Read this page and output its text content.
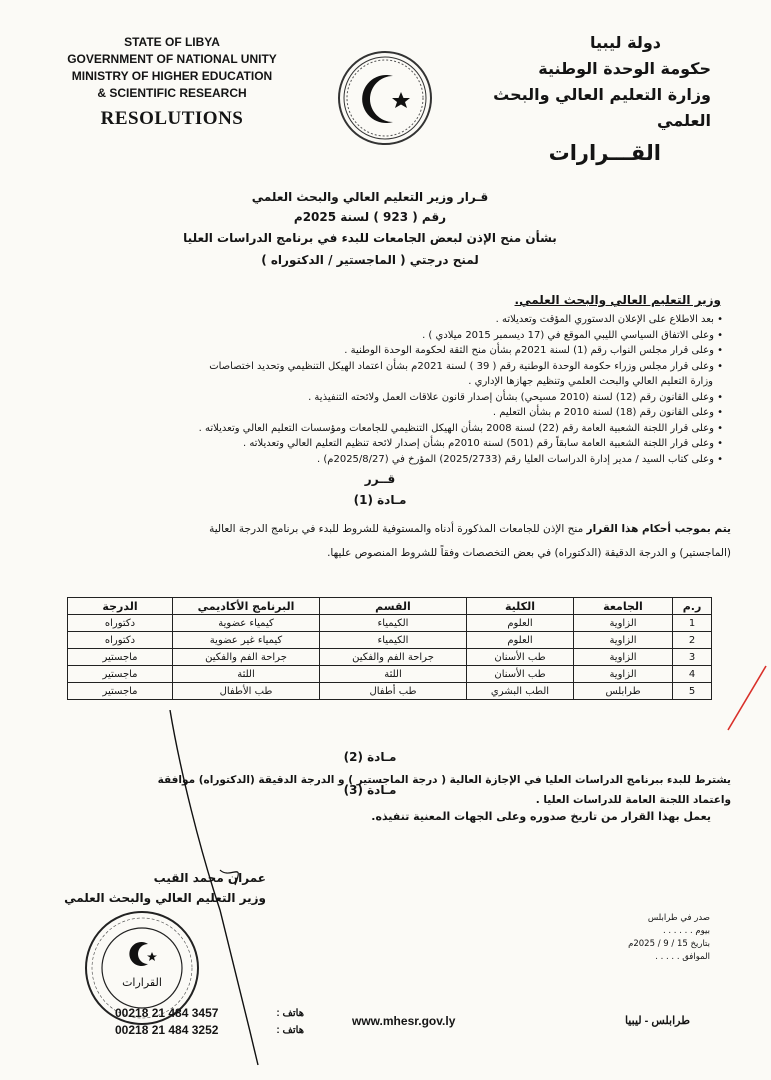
STATE OF LIBYA
GOVERNMENT OF NATIONAL UNITY
MINISTRY OF HIGHER EDUCATION
& SCIENTIFIC RESEARCH
RESOLUTIONS
دولة ليبيا
حكومة الوحدة الوطنية
وزارة التعليم العالي والبحث العلمي
القـــرارات
قـرار وزير التعليم العالي والبحث العلمي
رقم ( 923 ) لسنة 2025م
بشأن منح الإذن لبعض الجامعات للبدء في برنامج الدراسات العليا
لمنح درجتي ( الماجستير / الدكتوراه )
وزير التعليم العالي والبحث العلمي.
• بعد الاطلاع على الإعلان الدستوري المؤقت وتعديلاته .
• وعلى الاتفاق السياسي الليبي الموقع في (17 ديسمبر 2015 ميلادي ) .
• وعلى قرار مجلس النواب رقم (1) لسنة 2021م بشأن منح الثقة لحكومة الوحدة الوطنية .
• وعلى قرار مجلس وزراء حكومة الوحدة الوطنية رقم ( 39 ) لسنة 2021م بشأن اعتماد الهيكل التنظيمي وتحديد اختصاصات
وزارة التعليم العالي والبحث العلمي وتنظيم جهازها الإداري .
• وعلى القانون رقم (12) لسنة (2010 مسيحي) بشأن إصدار قانون علاقات العمل ولائحته التنفيذية .
• وعلى القانون رقم (18) لسنة 2010 م بشأن التعليم .
• وعلى قرار اللجنة الشعبية العامة رقم (22) لسنة 2008 بشأن الهيكل التنظيمي للجامعات ومؤسسات التعليم العالي وتعديلاته .
• وعلى قرار اللجنة الشعبية العامة سابقاً رقم (501) لسنة 2010م بشأن إصدار لائحة تنظيم التعليم العالي وتعديلاته .
• وعلى كتاب السيد / مدير إدارة الدراسات العليا رقم (2025/2733) المؤرخ في (2025/8/27م) .
قــرر
مـادة (1)
يتم بموجب أحكام هذا القرار منح الإذن للجامعات المذكورة أدناه والمستوفية للشروط للبدء في برنامج الدرجة العالية
(الماجستير) و الدرجة الدقيقة (الدكتوراه) في بعض التخصصات وفقاً للشروط المنصوص عليها.
ر.م	الجامعة	الكلية	القسم	البرنامج الأكاديمي	الدرجة
1	الزاوية	العلوم	الكيمياء	كيمياء عضوية	دكتوراه
2	الزاوية	العلوم	الكيمياء	كيمياء غير عضوية	دكتوراه
3	الزاوية	طب الأسنان	جراحة الفم والفكين	جراحة الفم والفكين	ماجستير
4	الزاوية	طب الأسنان	اللثة	اللثة	ماجستير
5	طرابلس	الطب البشري	طب أطفال	طب الأطفال	ماجستير
مـادة (2)
يشترط للبدء ببرنامج الدراسات العليا في الإجازة العالية ( درجة الماجستير ) و الدرجة الدقيقة (الدكتوراه) موافقة
واعتماد اللجنة العامة للدراسات العليا .
مـادة (3)
يعمل بهذا القرار من تاريخ صدوره وعلى الجهات المعنية تنفيذه.
عمران محمد القيب
وزير التعليم العالي والبحث العلمي
القرارات
صدر في طرابلس
بيوم . . . . . .
بتاريخ 15 / 9 / 2025م
الموافق . . . . .
00218 21 484 3457
00218 21 484 3252
هاتف :
هاتف :
www.mhesr.gov.ly	طرابلس - ليبيا
